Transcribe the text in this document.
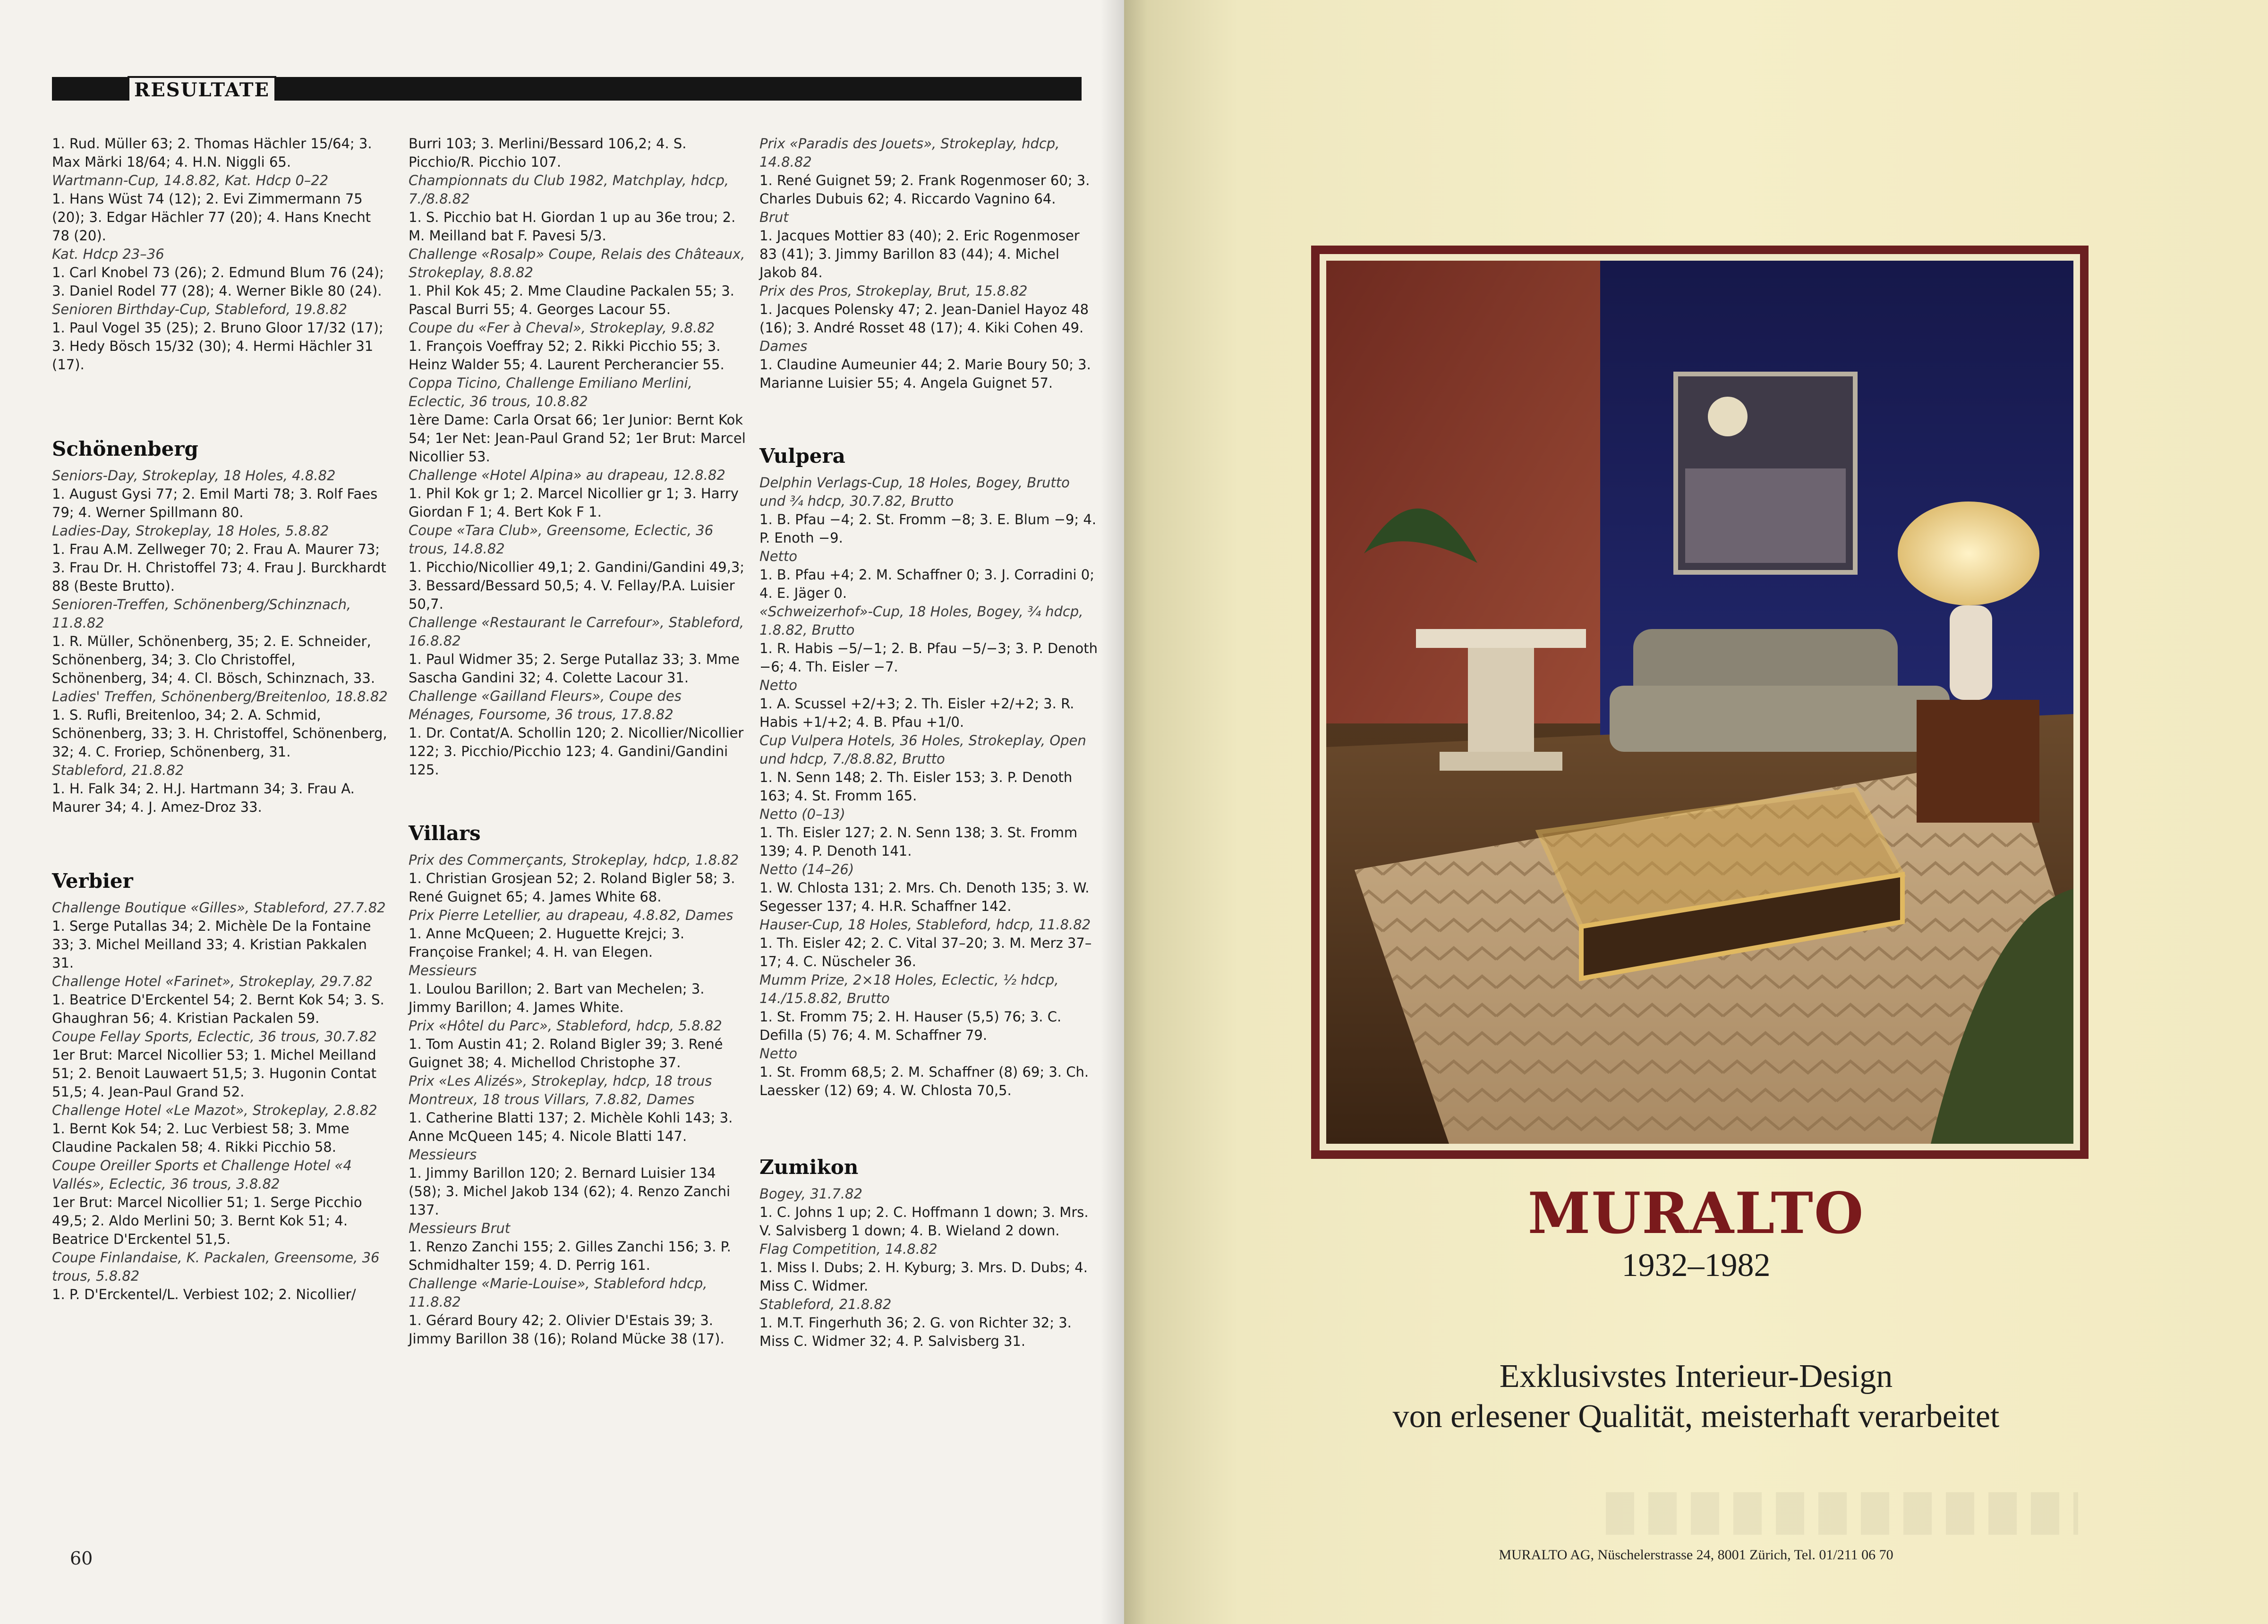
RESULTATE

1. Rud. Müller 63; 2. Thomas Hächler 15/64; 3. Max Märki 18/64; 4. H.N. Niggli 65.

Wartmann-Cup, 14.8.82, Kat. Hdcp 0–22

1. Hans Wüst 74 (12); 2. Evi Zimmermann 75 (20); 3. Edgar Hächler 77 (20); 4. Hans Knecht 78 (20).

Kat. Hdcp 23–36

1. Carl Knobel 73 (26); 2. Edmund Blum 76 (24); 3. Daniel Rodel 77 (28); 4. Werner Bikle 80 (24).

Senioren Birthday-Cup, Stableford, 19.8.82

1. Paul Vogel 35 (25); 2. Bruno Gloor 17/32 (17); 3. Hedy Bösch 15/32 (30); 4. Hermi Hächler 31 (17).

Schönenberg

Seniors-Day, Strokeplay, 18 Holes, 4.8.82

1. August Gysi 77; 2. Emil Marti 78; 3. Rolf Faes 79; 4. Werner Spillmann 80.

Ladies-Day, Strokeplay, 18 Holes, 5.8.82

1. Frau A.M. Zellweger 70; 2. Frau A. Maurer 73; 3. Frau Dr. H. Christoffel 73; 4. Frau J. Burckhardt 88 (Beste Brutto).

Senioren-Treffen, Schönenberg/Schinznach, 11.8.82

1. R. Müller, Schönenberg, 35; 2. E. Schneider, Schönenberg, 34; 3. Clo Christoffel, Schönenberg, 34; 4. Cl. Bösch, Schinznach, 33.

Ladies' Treffen, Schönenberg/Breitenloo, 18.8.82

1. S. Rufli, Breitenloo, 34; 2. A. Schmid, Schönenberg, 33; 3. H. Christoffel, Schönenberg, 32; 4. C. Froriep, Schönenberg, 31.

Stableford, 21.8.82

1. H. Falk 34; 2. H.J. Hartmann 34; 3. Frau A. Maurer 34; 4. J. Amez-Droz 33.

Verbier

Challenge Boutique «Gilles», Stableford, 27.7.82

1. Serge Putallas 34; 2. Michèle De la Fontaine 33; 3. Michel Meilland 33; 4. Kristian Pakkalen 31.

Challenge Hotel «Farinet», Strokeplay, 29.7.82

1. Beatrice D'Erckentel 54; 2. Bernt Kok 54; 3. S. Ghaughran 56; 4. Kristian Packalen 59.

Coupe Fellay Sports, Eclectic, 36 trous, 30.7.82

1er Brut: Marcel Nicollier 53; 1. Michel Meilland 51; 2. Benoit Lauwaert 51,5; 3. Hugonin Contat 51,5; 4. Jean-Paul Grand 52.

Challenge Hotel «Le Mazot», Strokeplay, 2.8.82

1. Bernt Kok 54; 2. Luc Verbiest 58; 3. Mme Claudine Packalen 58; 4. Rikki Picchio 58.

Coupe Oreiller Sports et Challenge Hotel «4 Vallés», Eclectic, 36 trous, 3.8.82

1er Brut: Marcel Nicollier 51; 1. Serge Picchio 49,5; 2. Aldo Merlini 50; 3. Bernt Kok 51; 4. Beatrice D'Erckentel 51,5.

Coupe Finlandaise, K. Packalen, Greensome, 36 trous, 5.8.82

1. P. D'Erckentel/L. Verbiest 102; 2. Nicollier/

Burri 103; 3. Merlini/Bessard 106,2; 4. S. Picchio/R. Picchio 107.

Championnats du Club 1982, Matchplay, hdcp, 7./8.8.82

1. S. Picchio bat H. Giordan 1 up au 36e trou; 2. M. Meilland bat F. Pavesi 5/3.

Challenge «Rosalp» Coupe, Relais des Châteaux, Strokeplay, 8.8.82

1. Phil Kok 45; 2. Mme Claudine Packalen 55; 3. Pascal Burri 55; 4. Georges Lacour 55.

Coupe du «Fer à Cheval», Strokeplay, 9.8.82

1. François Voeffray 52; 2. Rikki Picchio 55; 3. Heinz Walder 55; 4. Laurent Percherancier 55.

Coppa Ticino, Challenge Emiliano Merlini, Eclectic, 36 trous, 10.8.82

1ère Dame: Carla Orsat 66; 1er Junior: Bernt Kok 54; 1er Net: Jean-Paul Grand 52; 1er Brut: Marcel Nicollier 53.

Challenge «Hotel Alpina» au drapeau, 12.8.82

1. Phil Kok gr 1; 2. Marcel Nicollier gr 1; 3. Harry Giordan F 1; 4. Bert Kok F 1.

Coupe «Tara Club», Greensome, Eclectic, 36 trous, 14.8.82

1. Picchio/Nicollier 49,1; 2. Gandini/Gandini 49,3; 3. Bessard/Bessard 50,5; 4. V. Fellay/P.A. Luisier 50,7.

Challenge «Restaurant le Carrefour», Stableford, 16.8.82

1. Paul Widmer 35; 2. Serge Putallaz 33; 3. Mme Sascha Gandini 32; 4. Colette Lacour 31.

Challenge «Gailland Fleurs», Coupe des Ménages, Foursome, 36 trous, 17.8.82

1. Dr. Contat/A. Schollin 120; 2. Nicollier/Nicollier 122; 3. Picchio/Picchio 123; 4. Gandini/Gandini 125.

Villars

Prix des Commerçants, Strokeplay, hdcp, 1.8.82

1. Christian Grosjean 52; 2. Roland Bigler 58; 3. René Guignet 65; 4. James White 68.

Prix Pierre Letellier, au drapeau, 4.8.82, Dames

1. Anne McQueen; 2. Huguette Krejci; 3. Françoise Frankel; 4. H. van Elegen.

Messieurs

1. Loulou Barillon; 2. Bart van Mechelen; 3. Jimmy Barillon; 4. James White.

Prix «Hôtel du Parc», Stableford, hdcp, 5.8.82

1. Tom Austin 41; 2. Roland Bigler 39; 3. René Guignet 38; 4. Michellod Christophe 37.

Prix «Les Alizés», Strokeplay, hdcp, 18 trous Montreux, 18 trous Villars, 7.8.82, Dames

1. Catherine Blatti 137; 2. Michèle Kohli 143; 3. Anne McQueen 145; 4. Nicole Blatti 147.

Messieurs

1. Jimmy Barillon 120; 2. Bernard Luisier 134 (58); 3. Michel Jakob 134 (62); 4. Renzo Zanchi 137.

Messieurs Brut

1. Renzo Zanchi 155; 2. Gilles Zanchi 156; 3. P. Schmidhalter 159; 4. D. Perrig 161.

Challenge «Marie-Louise», Stableford hdcp, 11.8.82

1. Gérard Boury 42; 2. Olivier D'Estais 39; 3. Jimmy Barillon 38 (16); Roland Mücke 38 (17).

Prix «Paradis des Jouets», Strokeplay, hdcp, 14.8.82

1. René Guignet 59; 2. Frank Rogenmoser 60; 3. Charles Dubuis 62; 4. Riccardo Vagnino 64.

Brut

1. Jacques Mottier 83 (40); 2. Eric Rogenmoser 83 (41); 3. Jimmy Barillon 83 (44); 4. Michel Jakob 84.

Prix des Pros, Strokeplay, Brut, 15.8.82

1. Jacques Polensky 47; 2. Jean-Daniel Hayoz 48 (16); 3. André Rosset 48 (17); 4. Kiki Cohen 49.

Dames

1. Claudine Aumeunier 44; 2. Marie Boury 50; 3. Marianne Luisier 55; 4. Angela Guignet 57.

Vulpera

Delphin Verlags-Cup, 18 Holes, Bogey, Brutto und ¾ hdcp, 30.7.82, Brutto

1. B. Pfau −4; 2. St. Fromm −8; 3. E. Blum −9; 4. P. Enoth −9.

Netto

1. B. Pfau +4; 2. M. Schaffner 0; 3. J. Corradini 0; 4. E. Jäger 0.

«Schweizerhof»-Cup, 18 Holes, Bogey, ¾ hdcp, 1.8.82, Brutto

1. R. Habis −5/−1; 2. B. Pfau −5/−3; 3. P. Denoth −6; 4. Th. Eisler −7.

Netto

1. A. Scussel +2/+3; 2. Th. Eisler +2/+2; 3. R. Habis +1/+2; 4. B. Pfau +1/0.

Cup Vulpera Hotels, 36 Holes, Strokeplay, Open und hdcp, 7./8.8.82, Brutto

1. N. Senn 148; 2. Th. Eisler 153; 3. P. Denoth 163; 4. St. Fromm 165.

Netto (0–13)

1. Th. Eisler 127; 2. N. Senn 138; 3. St. Fromm 139; 4. P. Denoth 141.

Netto (14–26)

1. W. Chlosta 131; 2. Mrs. Ch. Denoth 135; 3. W. Segesser 137; 4. H.R. Schaffner 142.

Hauser-Cup, 18 Holes, Stableford, hdcp, 11.8.82

1. Th. Eisler 42; 2. C. Vital 37–20; 3. M. Merz 37–17; 4. C. Nüscheler 36.

Mumm Prize, 2×18 Holes, Eclectic, ½ hdcp, 14./15.8.82, Brutto

1. St. Fromm 75; 2. H. Hauser (5,5) 76; 3. C. Defilla (5) 76; 4. M. Schaffner 79.

Netto

1. St. Fromm 68,5; 2. M. Schaffner (8) 69; 3. Ch. Laessker (12) 69; 4. W. Chlosta 70,5.

Zumikon

Bogey, 31.7.82

1. C. Johns 1 up; 2. C. Hoffmann 1 down; 3. Mrs. V. Salvisberg 1 down; 4. B. Wieland 2 down.

Flag Competition, 14.8.82

1. Miss I. Dubs; 2. H. Kyburg; 3. Mrs. D. Dubs; 4. Miss C. Widmer.

Stableford, 21.8.82

1. M.T. Fingerhuth 36; 2. G. von Richter 32; 3. Miss C. Widmer 32; 4. P. Salvisberg 31.

60
MURALTO
1932–1982
Exklusivstes Interieur-Design
von erlesener Qualität, meisterhaft verarbeitet
MURALTO AG, Nüschelerstrasse 24, 8001 Zürich, Tel. 01/211 06 70
